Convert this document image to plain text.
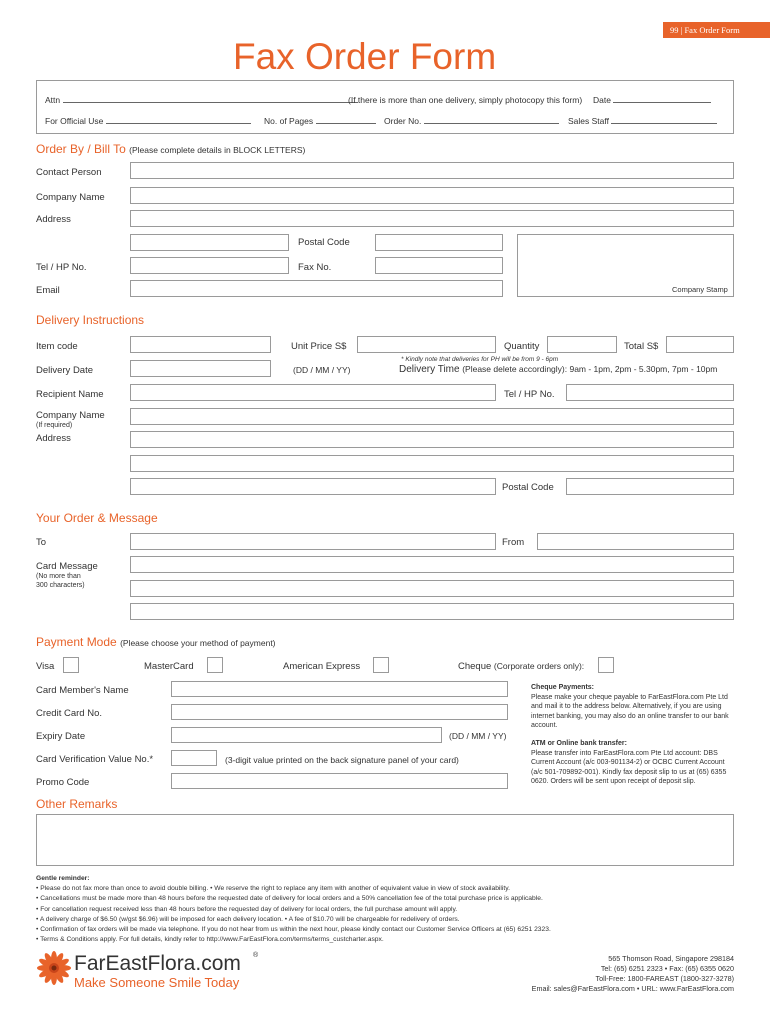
99 | Fax Order Form
Fax Order Form
Attn	(If there is more than one delivery, simply photocopy this form) Date
For Official Use	No. of Pages	Order No.	Sales Staff
Order By / Bill To (Please complete details in BLOCK LETTERS)
Contact Person
Company Name
Address
Postal Code
Tel / HP No.	Fax No.
Email	Company Stamp
Delivery Instructions
Item code	Unit Price S$	Quantity	Total S$
* Kindly note that deliveries for PH will be from 9 - 6pm
Delivery Date	(DD / MM / YY)	Delivery Time (Please delete accordingly): 9am - 1pm, 2pm - 5.30pm, 7pm - 10pm
Recipient Name	Tel / HP No.
Company Name
(If required)
Address
Postal Code
Your Order & Message
To	From
Card Message
(No more than
300 characters)
Payment Mode (Please choose your method of payment)
Visa	MasterCard	American Express	Cheque (Corporate orders only):
Card Member's Name
Credit Card No.
Expiry Date	(DD / MM / YY)
Card Verification Value No.*	(3-digit value printed on the back signature panel of your card)
Promo Code
Cheque Payments:
Please make your cheque payable to FarEastFlora.com Pte Ltd and mail it to the address below. Alternatively, if you are using internet banking, you may also do an online transfer to our bank account.
ATM or Online bank transfer:
Please transfer into FarEastFlora.com Pte Ltd account: DBS Current Account (a/c 003-901134-2) or OCBC Current Account (a/c 501-709892-001). Kindly fax deposit slip to us at (65) 6355 0620. Orders will be sent upon receipt of deposit slip.
Other Remarks
Gentle reminder:
• Please do not fax more than once to avoid double billing. • We reserve the right to replace any item with another of equivalent value in view of stock availability.
• Cancellations must be made more than 48 hours before the requested date of delivery for local orders and a 50% cancellation fee of the total purchase price is applicable.
• For cancellation request received less than 48 hours before the requested day of delivery for local orders, the full purchase amount will apply.
• A delivery charge of $6.50 (w/gst $6.96) will be imposed for each delivery location. • A fee of $10.70 will be chargeable for redelivery of orders.
• Confirmation of fax orders will be made via telephone. If you do not hear from us within the next hour, please kindly contact our Customer Service Officers at (65) 6251 2323.
• Terms & Conditions apply. For full details, kindly refer to http://www.FarEastFlora.com/terms/terms_custcharter.aspx.
FarEastFlora.com ®
Make Someone Smile Today
565 Thomson Road, Singapore 298184
Tel: (65) 6251 2323 • Fax: (65) 6355 0620
Toll-Free: 1800-FAREAST (1800-327-3278)
Email: sales@FarEastFlora.com • URL: www.FarEastFlora.com
